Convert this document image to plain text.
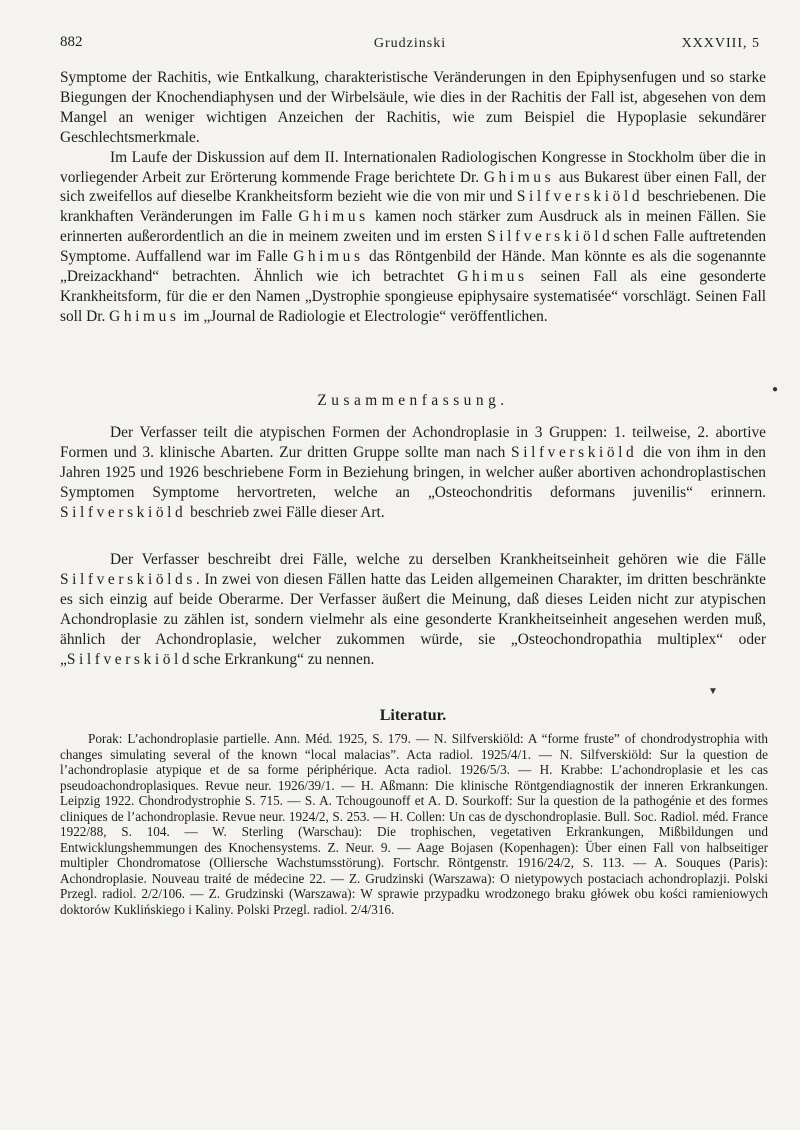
882	Grudzinski	XXXVIII, 5

Symptome der Rachitis, wie Entkalkung, charakteristische Veränderungen in den Epiphysenfugen und so starke Biegungen der Knochendiaphysen und der Wirbelsäule, wie dies in der Rachitis der Fall ist, abgesehen von dem Mangel an weniger wichtigen Anzeichen der Rachitis, wie zum Beispiel die Hypoplasie sekundärer Geschlechtsmerkmale.

Im Laufe der Diskussion auf dem II. Internationalen Radiologischen Kongresse in Stockholm über die in vorliegender Arbeit zur Erörterung kommende Frage berichtete Dr. Ghimus aus Bukarest über einen Fall, der sich zweifellos auf dieselbe Krankheitsform bezieht wie die von mir und Silfverskiöld beschriebenen. Die krankhaften Veränderungen im Falle Ghimus kamen noch stärker zum Ausdruck als in meinen Fällen. Sie erinnerten außerordentlich an die in meinem zweiten und im ersten Silfverskiöldschen Falle auftretenden Symptome. Auffallend war im Falle Ghimus das Röntgenbild der Hände. Man könnte es als die sogenannte „Dreizackhand“ betrachten. Ähnlich wie ich betrachtet Ghimus seinen Fall als eine gesonderte Krankheitsform, für die er den Namen „Dystrophie spongieuse epiphysaire systematisée“ vorschlägt. Seinen Fall soll Dr. Ghimus im „Journal de Radiologie et Electrologie“ veröffentlichen.

Zusammenfassung.

Der Verfasser teilt die atypischen Formen der Achondroplasie in 3 Gruppen: 1. teilweise, 2. abortive Formen und 3. klinische Abarten. Zur dritten Gruppe sollte man nach Silfverskiöld die von ihm in den Jahren 1925 und 1926 beschriebene Form in Beziehung bringen, in welcher außer abortiven achondroplastischen Symptomen Symptome hervortreten, welche an „Osteochondritis deformans juvenilis“ erinnern. Silfverskiöld beschrieb zwei Fälle dieser Art.

Der Verfasser beschreibt drei Fälle, welche zu derselben Krankheitseinheit gehören wie die Fälle Silfverskiölds. In zwei von diesen Fällen hatte das Leiden allgemeinen Charakter, im dritten beschränkte es sich einzig auf beide Oberarme. Der Verfasser äußert die Meinung, daß dieses Leiden nicht zur atypischen Achondroplasie zu zählen ist, sondern vielmehr als eine gesonderte Krankheitseinheit angesehen werden muß, ähnlich der Achondroplasie, welcher zukommen würde, sie „Osteochondropathia multiplex“ oder „Silfverskiöldsche Erkrankung“ zu nennen.

Literatur.

Porak: L’achondroplasie partielle. Ann. Méd. 1925, S. 179. — N. Silfverskiöld: A “forme fruste” of chondrodystrophia with changes simulating several of the known “local malacias”. Acta radiol. 1925/4/1. — N. Silfverskiöld: Sur la question de l’achondroplasie atypique et de sa forme périphérique. Acta radiol. 1926/5/3. — H. Krabbe: L’achondroplasie et les cas pseudoachondroplasiques. Revue neur. 1926/39/1. — H. Aßmann: Die klinische Röntgendiagnostik der inneren Erkrankungen. Leipzig 1922. Chondrodystrophie S. 715. — S. A. Tchougounoff et A. D. Sourkoff: Sur la question de la pathogénie et des formes cliniques de l’achondroplasie. Revue neur. 1924/2, S. 253. — H. Collen: Un cas de dyschondroplasie. Bull. Soc. Radiol. méd. France 1922/88, S. 104. — W. Sterling (Warschau): Die trophischen, vegetativen Erkrankungen, Mißbildungen und Entwicklungshemmungen des Knochensystems. Z. Neur. 9. — Aage Bojasen (Kopenhagen): Über einen Fall von halbseitiger multipler Chondromatose (Ollierschе Wachstumsstörung). Fortschr. Röntgenstr. 1916/24/2, S. 113. — A. Souques (Paris): Achondroplasie. Nouveau traité de médecine 22. — Z. Grudzinski (Warszawa): O nietypowych postaciach achondroplazji. Polski Przegl. radiol. 2/2/106. — Z. Grudzinski (Warszawa): W sprawie przypadku wrodzonego braku główek obu kości ramieniowych doktorów Kuklińskiego i Kaliny. Polski Przegl. radiol. 2/4/316.

●
▼
